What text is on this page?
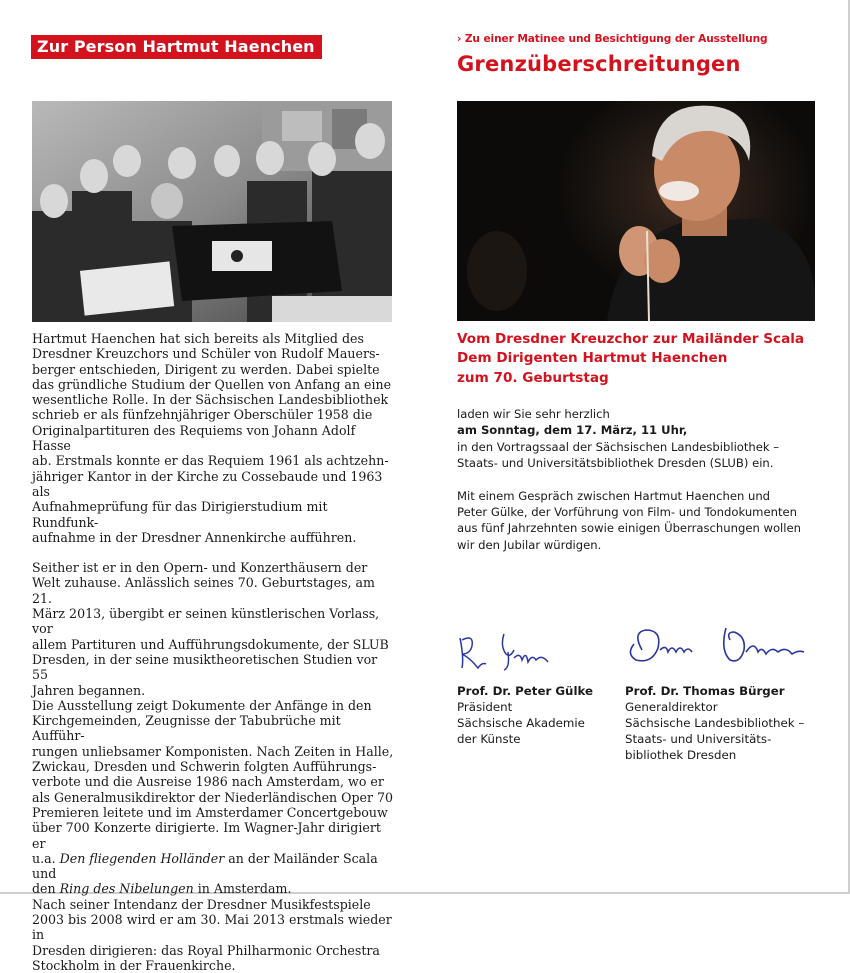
Zur Person Hartmut Haenchen

Hartmut Haenchen hat sich bereits als Mitglied des

Dresdner Kreuzchors und Schüler von Rudolf Mauers-

berger entschieden, Dirigent zu werden. Dabei spielte

das gründliche Studium der Quellen von Anfang an eine

wesentliche Rolle. In der Sächsischen Landesbibliothek

schrieb er als fünfzehnjähriger Oberschüler 1958 die

Originalpartituren des Requiems von Johann Adolf Hasse

ab. Erstmals konnte er das Requiem 1961 als achtzehn-

jähriger Kantor in der Kirche zu Cossebaude und 1963 als

Aufnahmeprüfung für das Dirigierstudium mit Rundfunk-

aufnahme in der Dresdner Annenkirche aufführen.

Seither ist er in den Opern- und Konzerthäusern der

Welt zuhause. Anlässlich seines 70. Geburtstages, am 21.

März 2013, übergibt er seinen künstlerischen Vorlass, vor

allem Partituren und Aufführungsdokumente, der SLUB

Dresden, in der seine musiktheoretischen Studien vor 55

Jahren begannen.

Die Ausstellung zeigt Dokumente der Anfänge in den

Kirchgemeinden, Zeugnisse der Tabubrüche mit Aufführ-

rungen unliebsamer Komponisten. Nach Zeiten in Halle,

Zwickau, Dresden und Schwerin folgten Aufführungs-

verbote und die Ausreise 1986 nach Amsterdam, wo er

als Generalmusikdirektor der Niederländischen Oper 70

Premieren leitete und im Amsterdamer Concertgebouw

über 700 Konzerte dirigierte. Im Wagner-Jahr dirigiert er

u.a. Den fliegenden Holländer an der Mailänder Scala und

den Ring des Nibelungen in Amsterdam.

Nach seiner Intendanz der Dresdner Musikfestspiele

2003 bis 2008 wird er am 30. Mai 2013 erstmals wieder in

Dresden dirigieren: das Royal Philharmonic Orchestra

Stockholm in der Frauenkirche.

› Zu einer Matinee und Besichtigung der Ausstellung
Grenzüberschreitungen

Vom Dresdner Kreuzchor zur Mailänder Scala

Dem Dirigenten Hartmut Haenchen

zum 70. Geburtstag

laden wir Sie sehr herzlich

am Sonntag, dem 17. März, 11 Uhr,

in den Vortragssaal der Sächsischen Landesbibliothek –

Staats- und Universitätsbibliothek Dresden (SLUB) ein.

Mit einem Gespräch zwischen Hartmut Haenchen und

Peter Gülke, der Vorführung von Film- und Tondokumenten

aus fünf Jahrzehnten sowie einigen Überraschungen wollen

wir den Jubilar würdigen.

Prof. Dr. Peter Gülke
Präsident
Sächsische Akademie
der Künste
Prof. Dr. Thomas Bürger
Generaldirektor
Sächsische Landesbibliothek –
Staats- und Universitäts-
bibliothek Dresden
